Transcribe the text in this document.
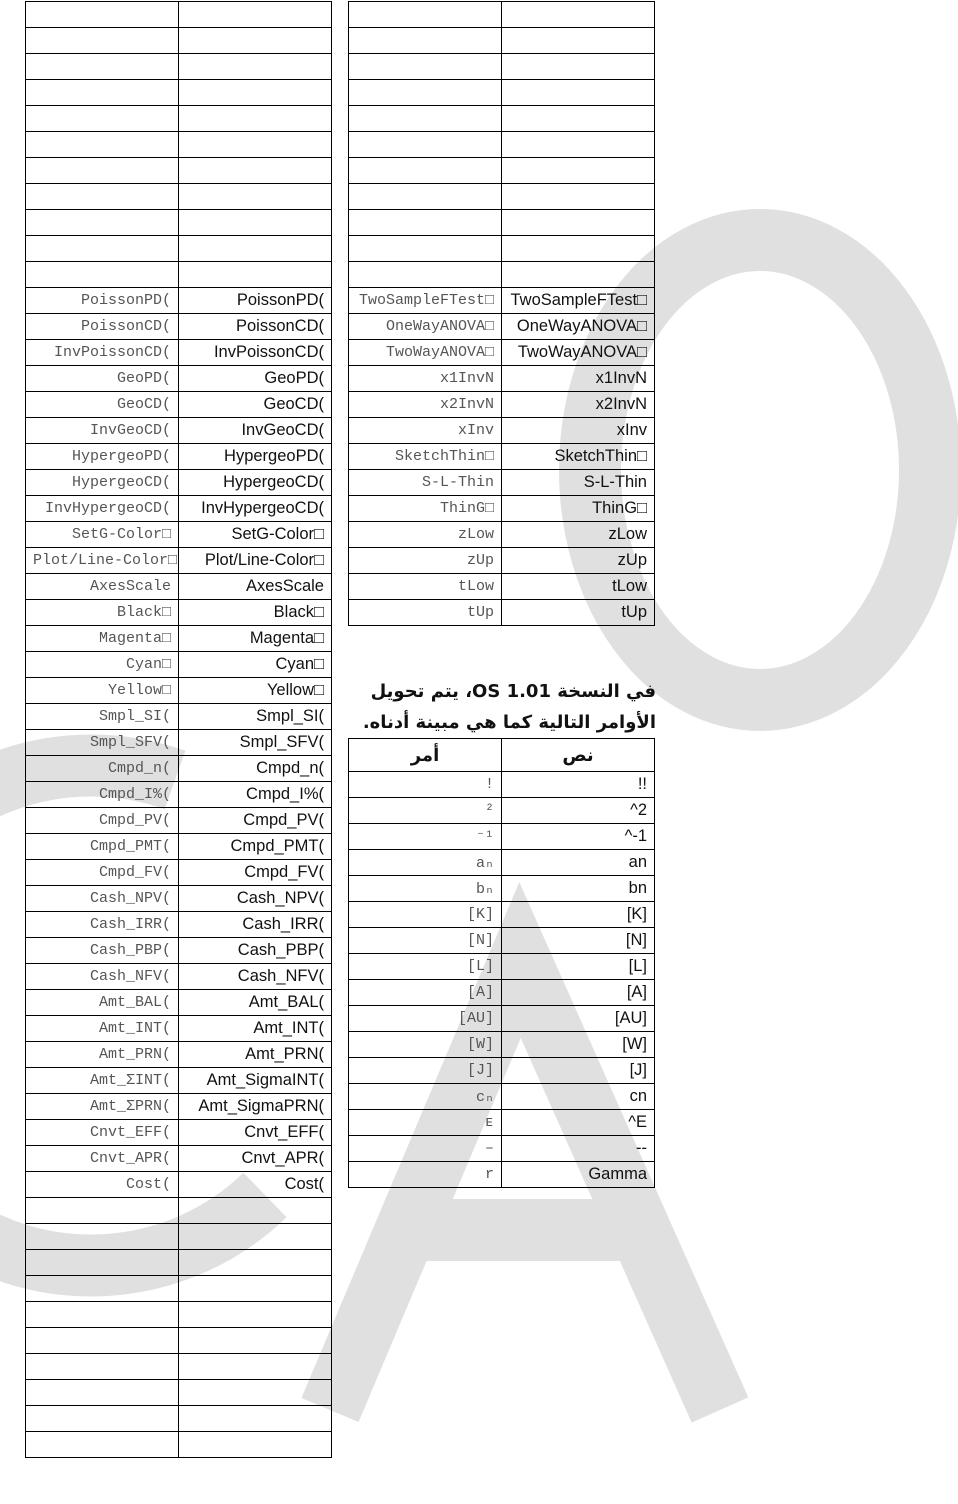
PoissonPD(	PoissonPD(
PoissonCD(	PoissonCD(
InvPoissonCD(	InvPoissonCD(
GeoPD(	GeoPD(
GeoCD(	GeoCD(
InvGeoCD(	InvGeoCD(
HypergeoPD(	HypergeoPD(
HypergeoCD(	HypergeoCD(
InvHypergeoCD(	InvHypergeoCD(
SetG-Color□	SetG-Color□
Plot/Line-Color□	Plot/Line-Color□
AxesScale	AxesScale
Black□	Black□
Magenta□	Magenta□
Cyan□	Cyan□
Yellow□	Yellow□
Smpl_SI(	Smpl_SI(
Smpl_SFV(	Smpl_SFV(
Cmpd_n(	Cmpd_n(
Cmpd_I%(	Cmpd_I%(
Cmpd_PV(	Cmpd_PV(
Cmpd_PMT(	Cmpd_PMT(
Cmpd_FV(	Cmpd_FV(
Cash_NPV(	Cash_NPV(
Cash_IRR(	Cash_IRR(
Cash_PBP(	Cash_PBP(
Cash_NFV(	Cash_NFV(
Amt_BAL(	Amt_BAL(
Amt_INT(	Amt_INT(
Amt_PRN(	Amt_PRN(
Amt_ΣINT(	Amt_SigmaINT(
Amt_ΣPRN(	Amt_SigmaPRN(
Cnvt_EFF(	Cnvt_EFF(
Cnvt_APR(	Cnvt_APR(
Cost(	Cost(

TwoSampleFTest□	TwoSampleFTest□
OneWayANOVA□	OneWayANOVA□
TwoWayANOVA□	TwoWayANOVA□
x1InvN	x1InvN
x2InvN	x2InvN
xInv	xInv
SketchThin□	SketchThin□
S-L-Thin	S-L-Thin
ThinG□	ThinG□
zLow	zLow
zUp	zUp
tLow	tLow
tUp	tUp
في النسخة OS 1.01، يتم تحويل
الأوامر التالية كما هي مبينة أدناه.
أمر	نص
!	!!
²	^2
⁻¹	^-1
aₙ	an
bₙ	bn
[K]	[K]
[N]	[N]
[L]	[L]
[A]	[A]
[AU]	[AU]
[W]	[W]
[J]	[J]
cₙ	cn
ᴇ	^E
–	--
r	Gamma
